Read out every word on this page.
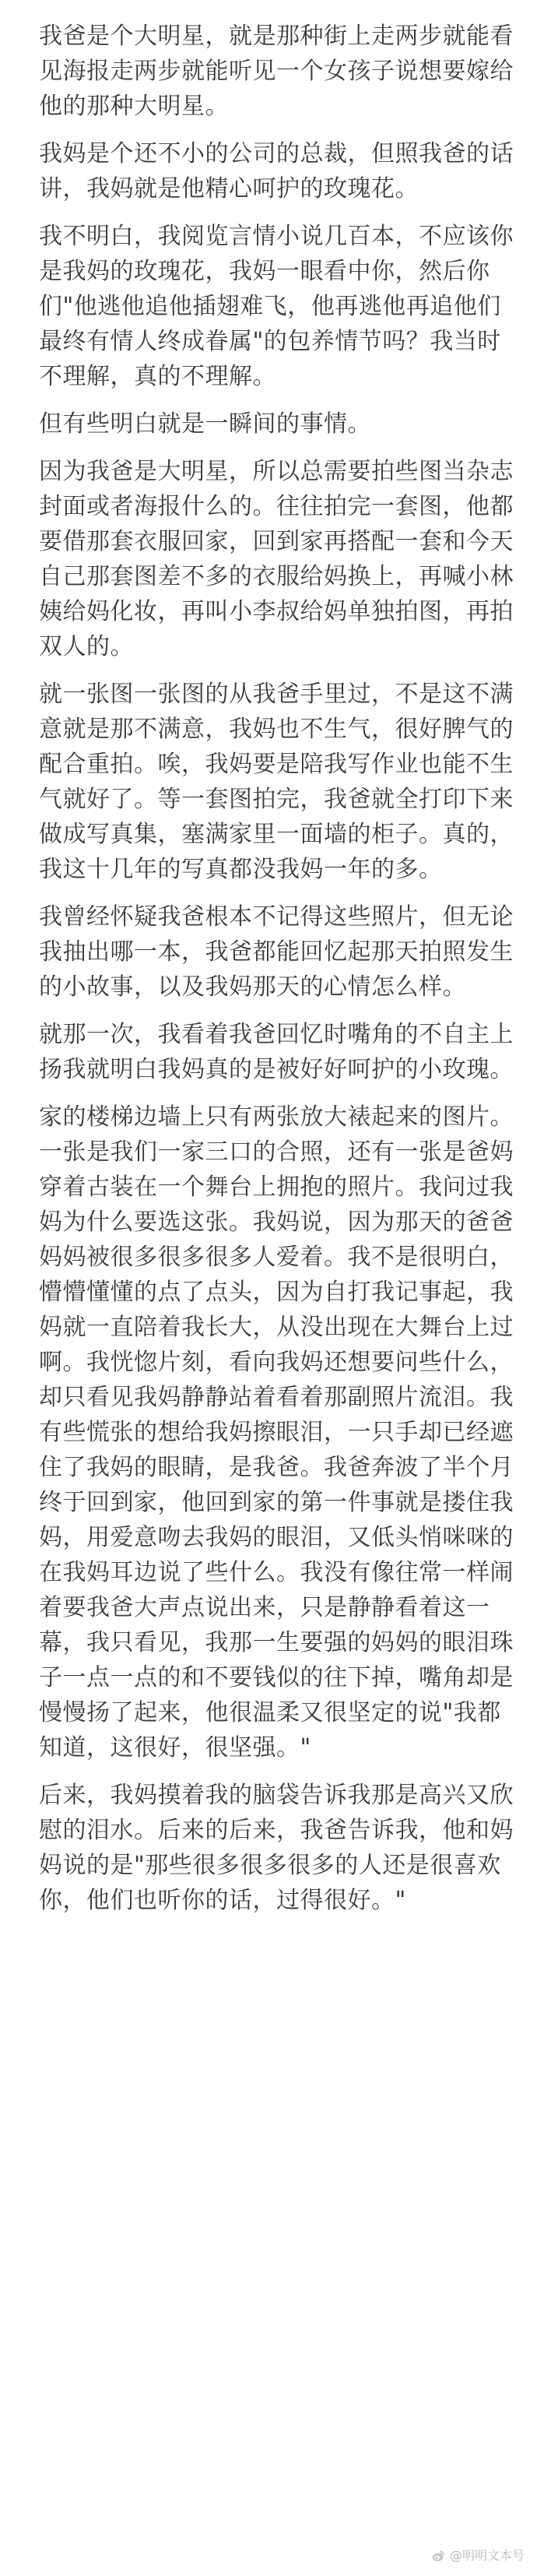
我爸是个大明星，就是那种街上走两步就能看见海报走两步就能听见一个女孩子说想要嫁给他的那种大明星。

我妈是个还不小的公司的总裁，但照我爸的话讲，我妈就是他精心呵护的玫瑰花。

我不明白，我阅览言情小说几百本，不应该你是我妈的玫瑰花，我妈一眼看中你，然后你们"他逃他追他插翅难飞，他再逃他再追他们最终有情人终成眷属"的包养情节吗？我当时不理解，真的不理解。

但有些明白就是一瞬间的事情。

因为我爸是大明星，所以总需要拍些图当杂志封面或者海报什么的。往往拍完一套图，他都要借那套衣服回家，回到家再搭配一套和今天自己那套图差不多的衣服给妈换上，再喊小林姨给妈化妆，再叫小李叔给妈单独拍图，再拍双人的。

就一张图一张图的从我爸手里过，不是这不满意就是那不满意，我妈也不生气，很好脾气的配合重拍。唉，我妈要是陪我写作业也能不生气就好了。等一套图拍完，我爸就全打印下来做成写真集，塞满家里一面墙的柜子。真的，我这十几年的写真都没我妈一年的多。

我曾经怀疑我爸根本不记得这些照片，但无论我抽出哪一本，我爸都能回忆起那天拍照发生的小故事，以及我妈那天的心情怎么样。

就那一次，我看着我爸回忆时嘴角的不自主上扬我就明白我妈真的是被好好呵护的小玫瑰。

家的楼梯边墙上只有两张放大裱起来的图片。一张是我们一家三口的合照，还有一张是爸妈穿着古装在一个舞台上拥抱的照片。我问过我妈为什么要选这张。我妈说，因为那天的爸爸妈妈被很多很多很多人爱着。我不是很明白，懵懵懂懂的点了点头，因为自打我记事起，我妈就一直陪着我长大，从没出现在大舞台上过啊。我恍惚片刻，看向我妈还想要问些什么，却只看见我妈静静站着看着那副照片流泪。我有些慌张的想给我妈擦眼泪，一只手却已经遮住了我妈的眼睛，是我爸。我爸奔波了半个月终于回到家，他回到家的第一件事就是搂住我妈，用爱意吻去我妈的眼泪，又低头悄咪咪的在我妈耳边说了些什么。我没有像往常一样闹着要我爸大声点说出来，只是静静看着这一幕，我只看见，我那一生要强的妈妈的眼泪珠子一点一点的和不要钱似的往下掉，嘴角却是慢慢扬了起来，他很温柔又很坚定的说"我都知道，这很好，很坚强。"

后来，我妈摸着我的脑袋告诉我那是高兴又欣慰的泪水。后来的后来，我爸告诉我，他和妈妈说的是"那些很多很多很多的人还是很喜欢你，他们也听你的话，过得很好。"

@明明文本号
